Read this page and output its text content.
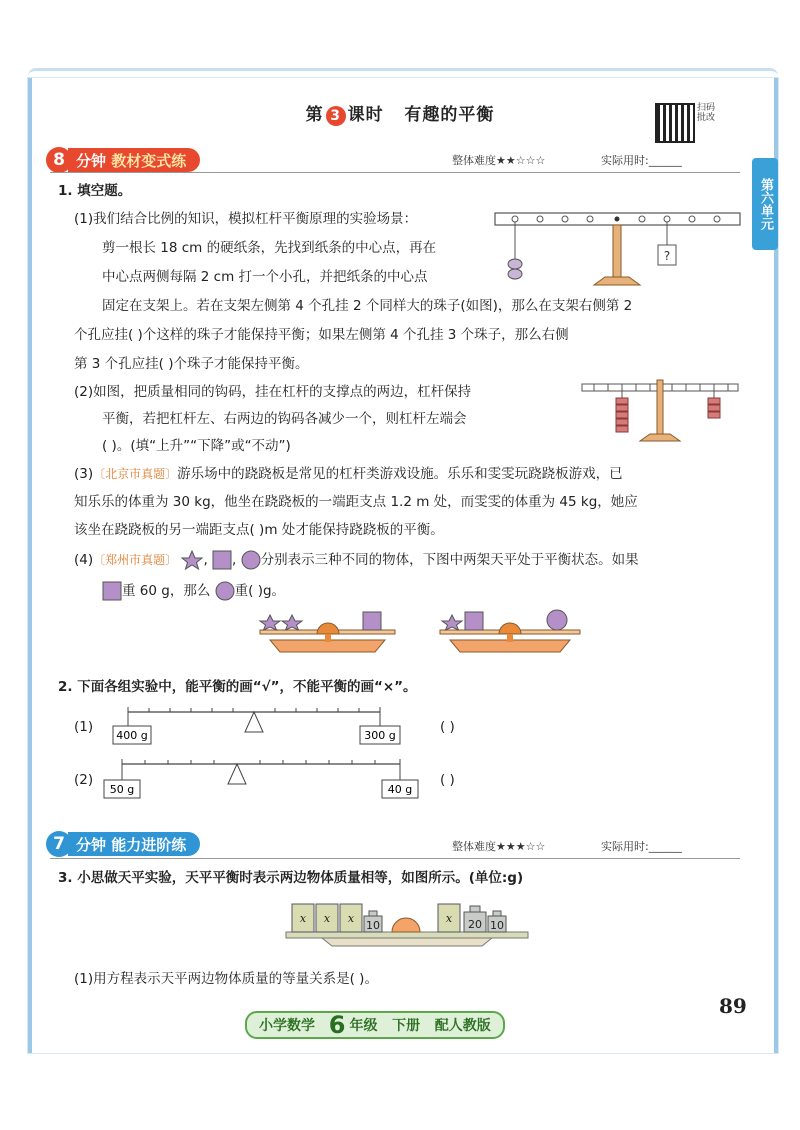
第 3 课时 有趣的平衡	扫码批改
第六单元
8 分钟
教材变式练	整体难度★★☆☆☆	实际用时:______
1. 填空题。
(1)我们结合比例的知识，模拟杠杆平衡原理的实验场景：
剪一根长 18 cm 的硬纸条，先找到纸条的中心点，再在
中心点两侧每隔 2 cm 打一个小孔，并把纸条的中心点
固定在支架上。若在支架左侧第 4 个孔挂 2 个同样大的珠子(如图)，那么在支架右侧第 2
个孔应挂( )个这样的珠子才能保持平衡；如果左侧第 4 个孔挂 3 个珠子，那么右侧
第 3 个孔应挂( )个珠子才能保持平衡。
?
(2)如图，把质量相同的钩码，挂在杠杆的支撑点的两边，杠杆保持
平衡，若把杠杆左、右两边的钩码各减少一个，则杠杆左端会
( )。(填“上升”“下降”或“不动”)
(3)〔北京市真题〕游乐场中的跷跷板是常见的杠杆类游戏设施。乐乐和雯雯玩跷跷板游戏，已
知乐乐的体重为 30 kg，他坐在跷跷板的一端距支点 1.2 m 处，而雯雯的体重为 45 kg，她应
该坐在跷跷板的另一端距支点( )m 处才能保持跷跷板的平衡。
(4)〔郑州市真题〕 , , 分别表示三种不同的物体，下图中两架天平处于平衡状态。如果
重 60 g，那么 重( )g。
2. 下面各组实验中，能平衡的画“√”，不能平衡的画“×”。
(1)
400 g	300 g
( )
(2)
50 g	40 g
( )
7 分钟
能力进阶练	整体难度★★★☆☆	实际用时:______
3. 小思做天平实验，天平平衡时表示两边物体质量相等，如图所示。(单位:g)
x x x	x
10	20 10
(1)用方程表示天平两边物体质量的等量关系是( )。
89
小学数学
6 年级
下册
配人教版
